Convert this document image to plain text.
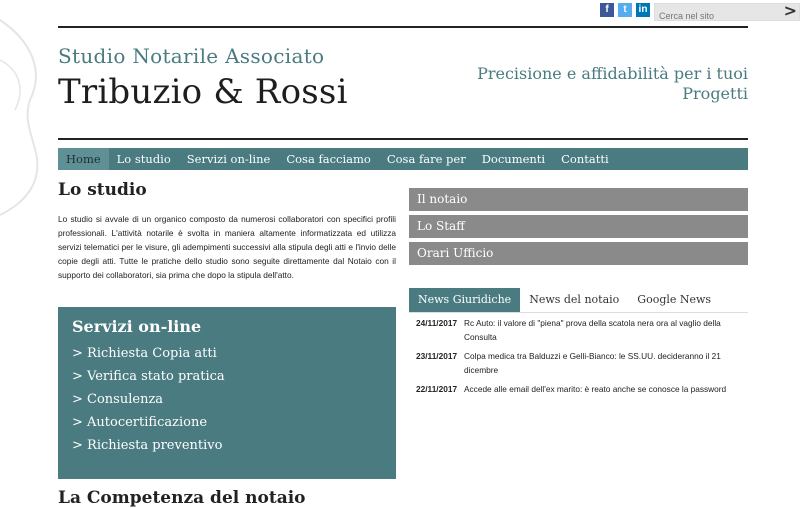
f	t	in
Cerca nel sito	>
Studio Notarile Associato
Tribuzio & Rossi	Precisione e affidabilità per i tuoi Progetti
Home	Lo studio	Servizi on-line	Cosa facciamo	Cosa fare per	Documenti	Contatti
Lo studio
Lo studio si avvale di un organico composto da numerosi collaboratori con specifici profili professionali. L'attività notarile è svolta in maniera altamente informatizzata ed utilizza servizi telematici per le visure, gli adempimenti successivi alla stipula degli atti e l'invio delle copie degli atti. Tutte le pratiche dello studio sono seguite direttamente dal Notaio con il supporto dei collaboratori, sia prima che dopo la stipula dell'atto.
Servizi on-line
> Richiesta Copia atti
> Verifica stato pratica
> Consulenza
> Autocertificazione
> Richiesta preventivo
La Competenza del notaio
Il notaio
Lo Staff
Orari Ufficio
News Giuridiche	News del notaio	Google News
24/11/2017 Rc Auto: il valore di "piena" prova della scatola nera ora al vaglio della Consulta
23/11/2017 Colpa medica tra Balduzzi e Gelli-Bianco: le SS.UU. decideranno il 21 dicembre
22/11/2017 Accede alle email dell'ex marito: è reato anche se conosce la password
